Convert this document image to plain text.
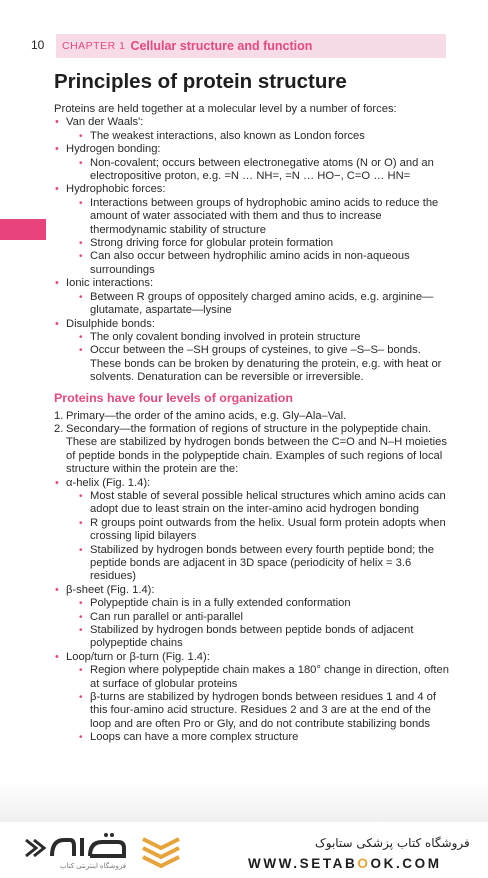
10 CHAPTER 1 Cellular structure and function
Principles of protein structure

Proteins are held together at a molecular level by a number of forces:

• Van der Waals':
• The weakest interactions, also known as London forces
• Hydrogen bonding:
• Non-covalent; occurs between electronegative atoms (N or O) and an electropositive proton, e.g. =N … NH=, =N … HO−, C=O … HN=
• Hydrophobic forces:
• Interactions between groups of hydrophobic amino acids to reduce the amount of water associated with them and thus to increase thermodynamic stability of structure
• Strong driving force for globular protein formation
• Can also occur between hydrophilic amino acids in non-aqueous surroundings
• Ionic interactions:
• Between R groups of oppositely charged amino acids, e.g. arginine—glutamate, aspartate—lysine
• Disulphide bonds:
• The only covalent bonding involved in protein structure
• Occur between the –SH groups of cysteines, to give –S–S– bonds. These bonds can be broken by denaturing the protein, e.g. with heat or solvents. Denaturation can be reversible or irreversible.
Proteins have four levels of organization
1. Primary—the order of the amino acids, e.g. Gly–Ala–Val.
2. Secondary—the formation of regions of structure in the polypeptide chain. These are stabilized by hydrogen bonds between the C=O and N–H moieties of peptide bonds in the polypeptide chain. Examples of such regions of local structure within the protein are the:
• α-helix (Fig. 1.4):
• Most stable of several possible helical structures which amino acids can adopt due to least strain on the inter-amino acid hydrogen bonding
• R groups point outwards from the helix. Usual form protein adopts when crossing lipid bilayers
• Stabilized by hydrogen bonds between every fourth peptide bond; the peptide bonds are adjacent in 3D space (periodicity of helix = 3.6 residues)
• β-sheet (Fig. 1.4):
• Polypeptide chain is in a fully extended conformation
• Can run parallel or anti-parallel
• Stabilized by hydrogen bonds between peptide bonds of adjacent polypeptide chains
• Loop/turn or β-turn (Fig. 1.4):
• Region where polypeptide chain makes a 180° change in direction, often at surface of globular proteins
• β-turns are stabilized by hydrogen bonds between residues 1 and 4 of this four-amino acid structure. Residues 2 and 3 are at the end of the loop and are often Pro or Gly, and do not contribute stabilizing bonds
• Loops can have a more complex structure
فروشگاه اینترنتی کتاب
فروشگاه کتاب پزشکی ستابوک
WWW.SETABOOK.COM
